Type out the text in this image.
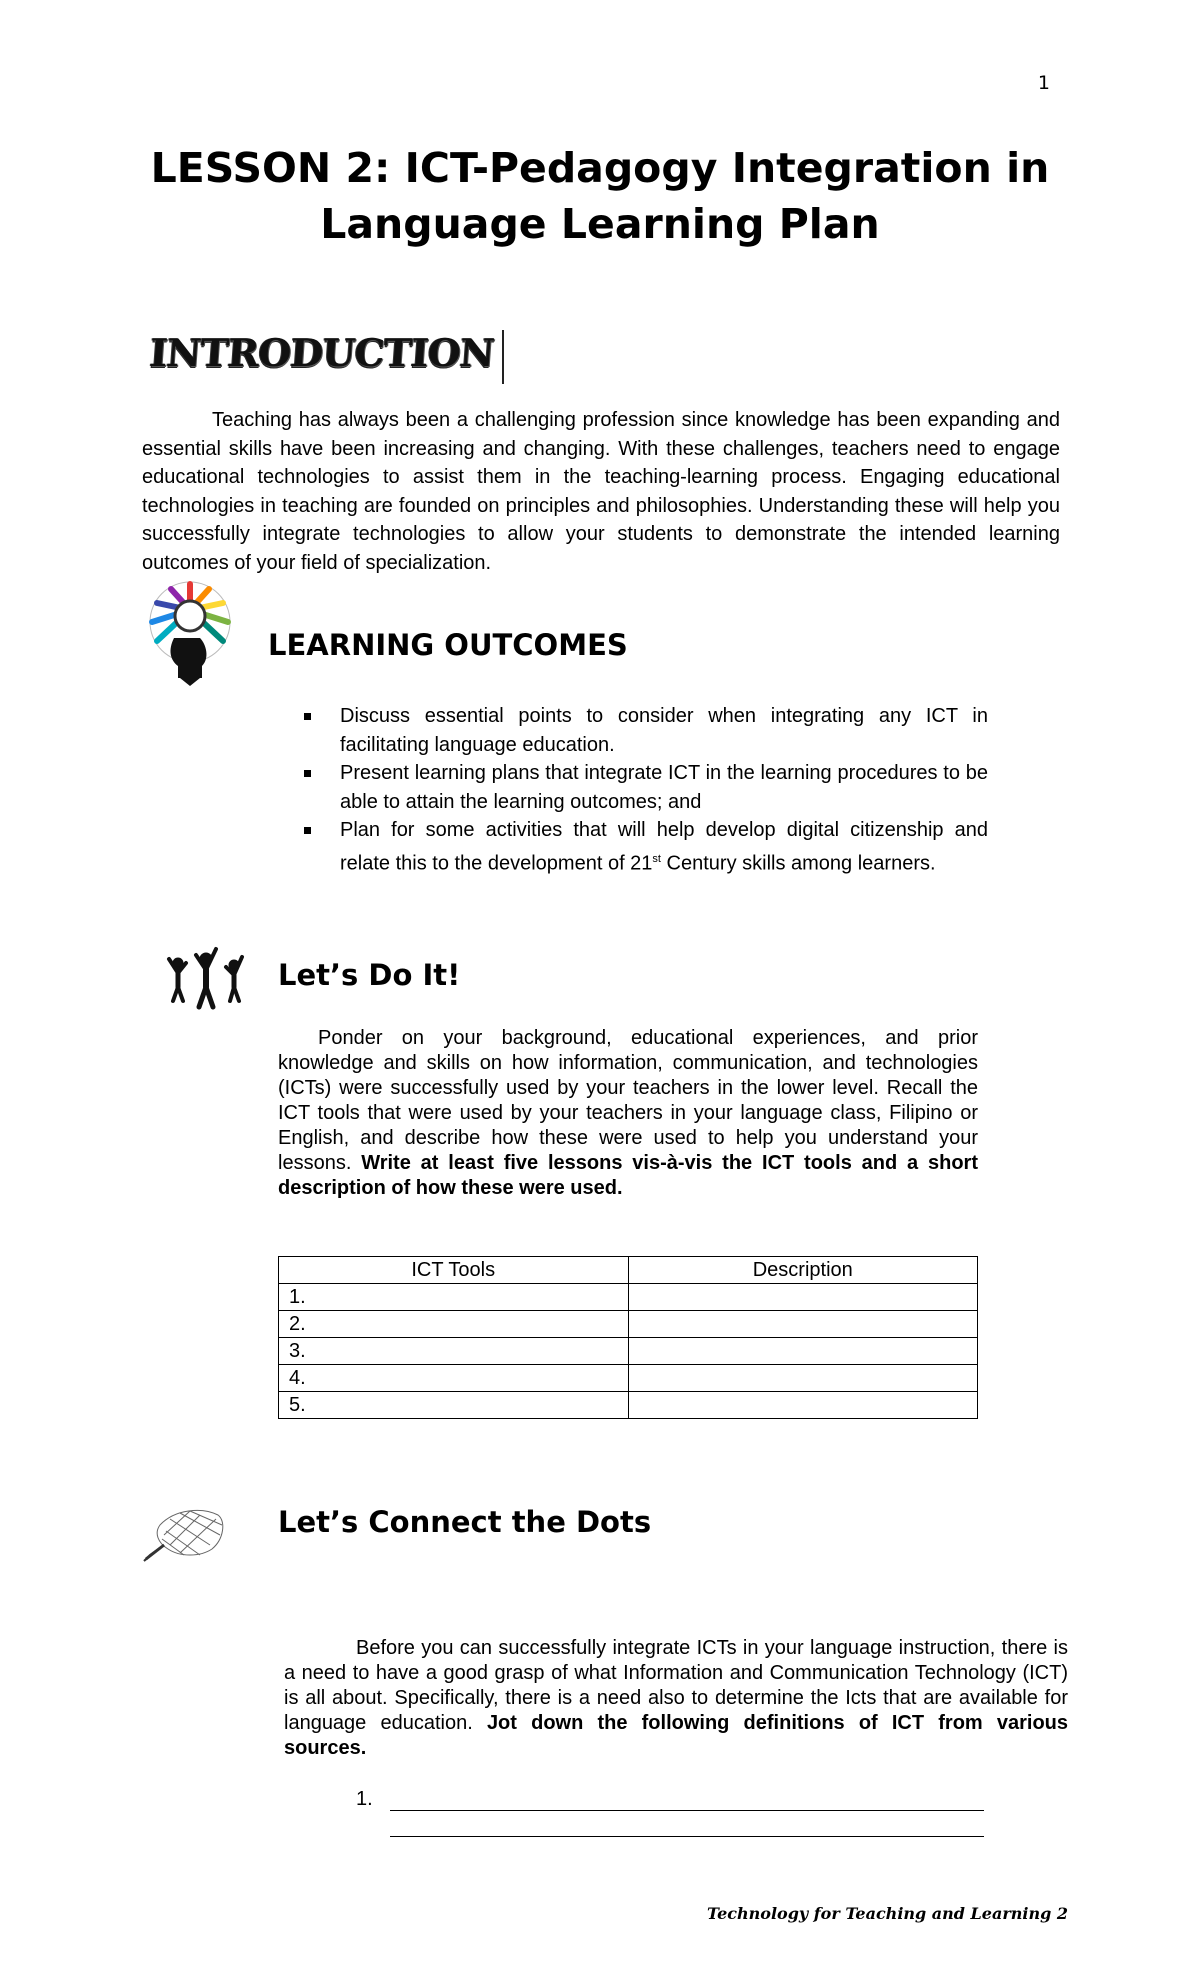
1
LESSON 2: ICT-Pedagogy Integration in
Language Learning Plan
INTRODUCTION
Teaching has always been a challenging profession since knowledge has been expanding and essential skills have been increasing and changing. With these challenges, teachers need to engage educational technologies to assist them in the teaching-learning process. Engaging educational technologies in teaching are founded on principles and philosophies. Understanding these will help you successfully integrate technologies to allow your students to demonstrate the intended learning outcomes of your field of specialization.
LEARNING OUTCOMES
Discuss essential points to consider when integrating any ICT in facilitating language education.
Present learning plans that integrate ICT in the learning procedures to be able to attain the learning outcomes; and
Plan for some activities that will help develop digital citizenship and relate this to the development of 21st Century skills among learners.
Let’s Do It!
Ponder on your background, educational experiences, and prior knowledge and skills on how information, communication, and technologies (ICTs) were successfully used by your teachers in the lower level. Recall the ICT tools that were used by your teachers in your language class, Filipino or English, and describe how these were used to help you understand your lessons. Write at least five lessons vis-à-vis the ICT tools and a short description of how these were used.
ICT Tools	Description
1.	
2.	
3.	
4.	
5.	
Let’s Connect the Dots
Before you can successfully integrate ICTs in your language instruction, there is a need to have a good grasp of what Information and Communication Technology (ICT) is all about. Specifically, there is a need also to determine the Icts that are available for language education. Jot down the following definitions of ICT from various sources.
1.
Technology for Teaching and Learning 2
